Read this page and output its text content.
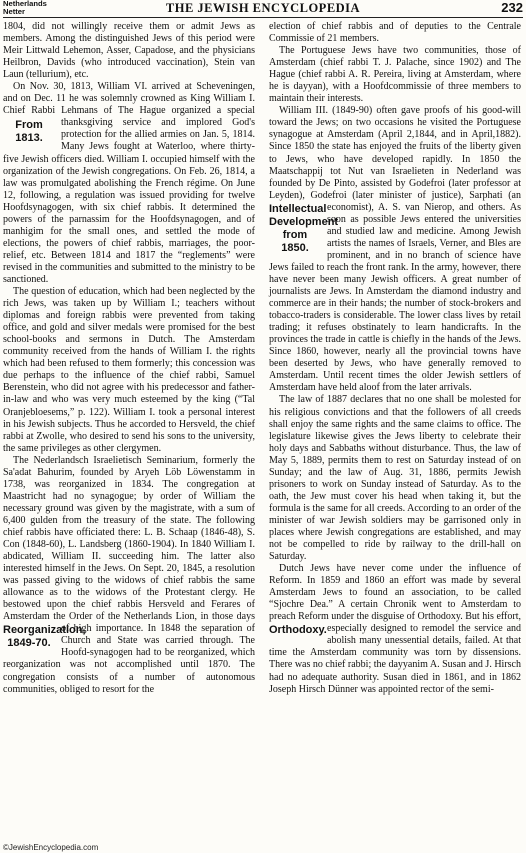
Netherlands
Netter	THE JEWISH ENCYCLOPEDIA	232

1804, did not willingly receive them or admit Jews as members. Among the distinguished Jews of this period were Meir Littwald Lehemon, Asser, Capadose, and the physicians Heilbron, Davids (who introduced vaccination), Stein van Laun (tellurium), etc.

On Nov. 30, 1813, William VI. arrived at Scheveningen, and on Dec. 11 he was solemnly crowned as King William I. Chief Rabbi Lehmans of The Hague organized a special thanksgiving service and
From 1813.
implored God's protection for the allied armies on Jan. 5, 1814. Many Jews fought at Waterloo, where thirty-five Jewish officers died. William I. occupied himself with the organization of the Jewish congregations. On Feb. 26, 1814, a law was promulgated abolishing the French régime. On June 12, following, a regulation was issued providing for twelve Hoofdsynagogen, with six chief rabbis. It determined the powers of the parnassim for the Hoofdsynagogen, and of manhigim for the small ones, and settled the mode of elections, the powers of chief rabbis, marriages, the poor-relief, etc. Between 1814 and 1817 the “reglements” were revised in the communities and submitted to the ministry to be sanctioned.

The question of education, which had been neglected by the rich Jews, was taken up by William I.; teachers without diplomas and foreign rabbis were prevented from taking office, and gold and silver medals were promised for the best school-books and sermons in Dutch. The Amsterdam community received from the hands of William I. the rights which had been refused to them formerly; this concession was due perhaps to the influence of the chief rabbi, Samuel Berenstein, who did not agree with his predecessor and father-in-law and who was very much esteemed by the king (“Tal Oranjebloesems,” p. 122). William I. took a personal interest in his Jewish subjects. Thus he accorded to Hersveld, the chief rabbi at Zwolle, who desired to send his sons to the university, the same privileges as other clergymen.

The Nederlandsch Israelietisch Seminarium, formerly the Sa'adat Bahurim, founded by Aryeh Löb Löwenstamm in 1738, was reorganized in 1834. The congregation at Maastricht had no synagogue; by order of William the necessary ground was given by the magistrate, with a sum of 6,400 gulden from the treasury of the state. The following chief rabbis have officiated there: L. B. Schaap (1846-48), S. Con (1848-60), L. Landsberg (1860-1904). In 1840 William I. abdicated, William II. succeeding him. The latter also interested himself in the Jews. On Sept. 20, 1845, a resolution was passed giving to the widows of chief rabbis the same allowance as to the widows of the Protestant clergy. He bestowed upon the chief rabbis Hersveld and Ferares of Amsterdam the Order of the Netherlands Lion, in those
Reorganization, 1849-70.
days of high importance. In 1848 the separation of Church and State was carried through. The Hoofd-synagogen had to be reorganized, which reorganization was not accomplished until 1870. The congregation consists of a number of autonomous communities, obliged to resort for the

election of chief rabbis and of deputies to the Centrale Commissie of 21 members.

The Portuguese Jews have two communities, those of Amsterdam (chief rabbi T. J. Palache, since 1902) and The Hague (chief rabbi A. R. Pereira, living at Amsterdam, where he is dayyan), with a Hoofdcommissie of three members to maintain their interests.

William III. (1849-90) often gave proofs of his good-will toward the Jews; on two occasions he visited the Portuguese synagogue at Amsterdam (April 2,1844, and in April,1882). Since 1850 the state has enjoyed the fruits of the liberty given to Jews, who have developed rapidly. In 1850 the Maatschappij tot Nut van Israelieten in Nederland was founded by De Pinto, assisted by Godefroi (later professor at Leyden), Godefroi (later minister of justice), Sarphati (an economist), A. S. van Nierop, and others.
Intellectual Development from 1850.
As soon as possible Jews entered the universities and studied law and medicine. Among Jewish artists the names of Israels, Verner, and Bles are prominent, and in no branch of science have Jews failed to reach the front rank. In the army, however, there have never been many Jewish officers. A great number of journalists are Jews. In Amsterdam the diamond industry and commerce are in their hands; the number of stock-brokers and tobacco-traders is considerable. The lower class lives by retail trading; it refuses obstinately to learn handicrafts. In the provinces the trade in cattle is chiefly in the hands of the Jews. Since 1860, however, nearly all the provincial towns have been deserted by Jews, who have generally removed to Amsterdam. Until recent times the older Jewish settlers of Amsterdam have held aloof from the later arrivals.

The law of 1887 declares that no one shall be molested for his religious convictions and that the followers of all creeds shall enjoy the same rights and the same claims to office. The legislature likewise gives the Jews liberty to celebrate their holy days and Sabbaths without disturbance. Thus, the law of May 5, 1889, permits them to rest on Saturday instead of on Sunday; and the law of Aug. 31, 1886, permits Jewish prisoners to work on Sunday instead of Saturday. As to the oath, the Jew must cover his head when taking it, but the formula is the same for all creeds. According to an order of the minister of war Jewish soldiers may be garrisoned only in places where Jewish congregations are established, and may not be compelled to ride by railway to the drill-hall on Saturday.

Dutch Jews have never come under the influence of Reform. In 1859 and 1860 an effort was made by several Amsterdam Jews to found an association, to be called “Sjochre Dea.” A certain Chronik went to Amsterdam to preach Reform under the disguise of Orthodoxy. But his effort, especially designed to
Orthodoxy.	remodel the service and abolish many unessential details, failed. At that time the Amsterdam community was torn by dissensions. There was no chief rabbi; the dayyanim A. Susan and J. Hirsch had no adequate authority. Susan died in 1861, and in 1862 Joseph Hirsch Dünner was appointed rector of the semi-

©JewishEncyclopedia.com
